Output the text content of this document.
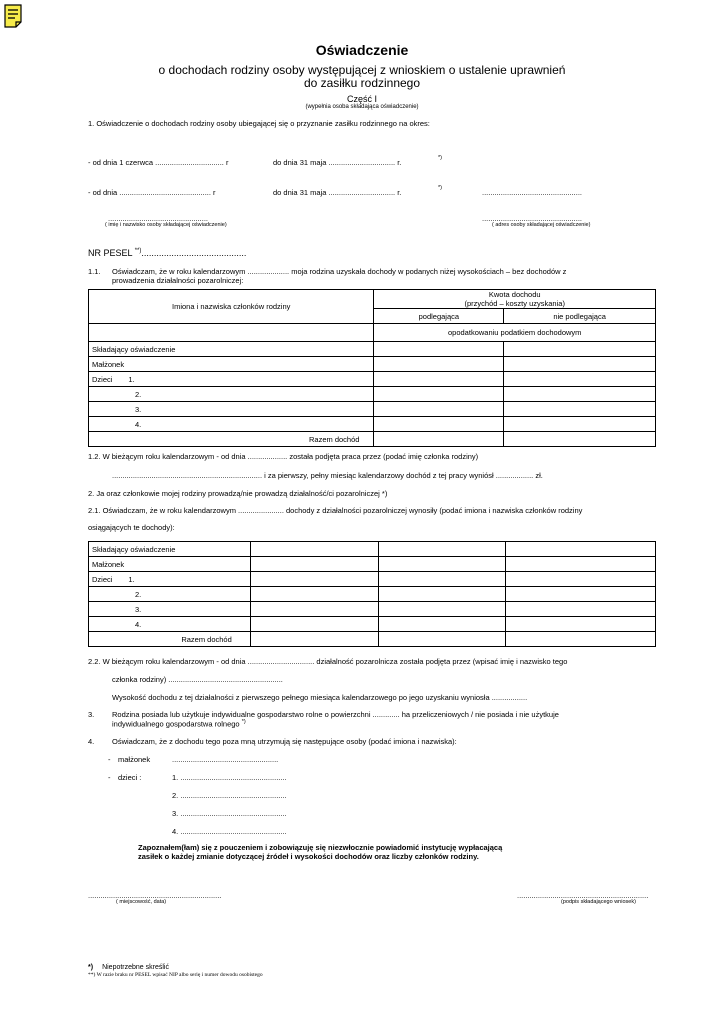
Oświadczenie
o dochodach rodziny osoby występującej z wnioskiem o ustalenie uprawnień
do zasiłku rodzinnego
Część I
(wypełnia osoba składająca oświadczenie)
1. Oświadczenie o dochodach rodziny osoby ubiegającej się o przyznanie zasiłku rodzinnego na okres:
- od dnia 1 czerwca ................................. r	do dnia 31 maja ................................ r.	*)
- od dnia ............................................ r	do dnia 31 maja ................................ r.	*)	................................................
................................................
( imię i nazwisko osoby składającej oświadczenie)
................................................
( adres osoby składającej oświadczenie)
NR PESEL **)..........................................
1.1. Oświadczam, że w roku kalendarzowym .................... moja rodzina uzyskała dochody w podanych niżej wysokościach – bez dochodów z
prowadzenia działalności pozarolniczej:
Imiona i nazwiska członków rodziny	Kwota dochodu
(przychód – koszty uzyskania)	
	podlegająca	nie podlegająca
	opodatkowaniu podatkiem dochodowym	
Składający oświadczenie		
Małżonek		
Dzieci 1.		
2.		
3.		
4.		
Razem dochód		
1.2. W bieżącym roku kalendarzowym - od dnia ................... została podjęta praca przez (podać imię członka rodziny)
........................................................................ i za pierwszy, pełny miesiąc kalendarzowy dochód z tej pracy wyniósł .................. zł.
2. Ja oraz członkowie mojej rodziny prowadzą/nie prowadzą działalność/ci pozarolniczej *)
2.1. Oświadczam, że w roku kalendarzowym ...................... dochody z działalności pozarolniczej wynosiły (podać imiona i nazwiska członków rodziny
osiągających te dochody):
Składający oświadczenie			
Małżonek			
Dzieci 1.			
2.			
3.			
4.			
Razem dochód			
2.2. W bieżącym roku kalendarzowym - od dnia ................................ działalność pozarolnicza została podjęta przez (wpisać imię i nazwisko tego
członka rodziny) .......................................................
Wysokość dochodu z tej działalności z pierwszego pełnego miesiąca kalendarzowego po jego uzyskaniu wyniosła .................
3. Rodzina posiada lub użytkuje indywidualne gospodarstwo rolne o powierzchni ............. ha przeliczeniowych / nie posiada i nie użytkuje
indywidualnego gospodarstwa rolnego *)
4. Oświadczam, że z dochodu tego poza mną utrzymują się następujące osoby (podać imiona i nazwiska):
- małżonek	...................................................
- dzieci :	1. ...................................................
2. ...................................................
3. ...................................................
4. ...................................................
Zapoznałem(łam) się z pouczeniem i zobowiązuję się niezwłocznie powiadomić instytucję wypłacającą
zasiłek o każdej zmianie dotyczącej źródeł i wysokości dochodów oraz liczby członków rodziny.
................................................................
( miejscowość, data)
...............................................................
(podpis składającego wniosek)
*) Niepotrzebne skreślić
**) W razie braku nr PESEL wpisać NIP albo serię i numer dowodu osobistego
